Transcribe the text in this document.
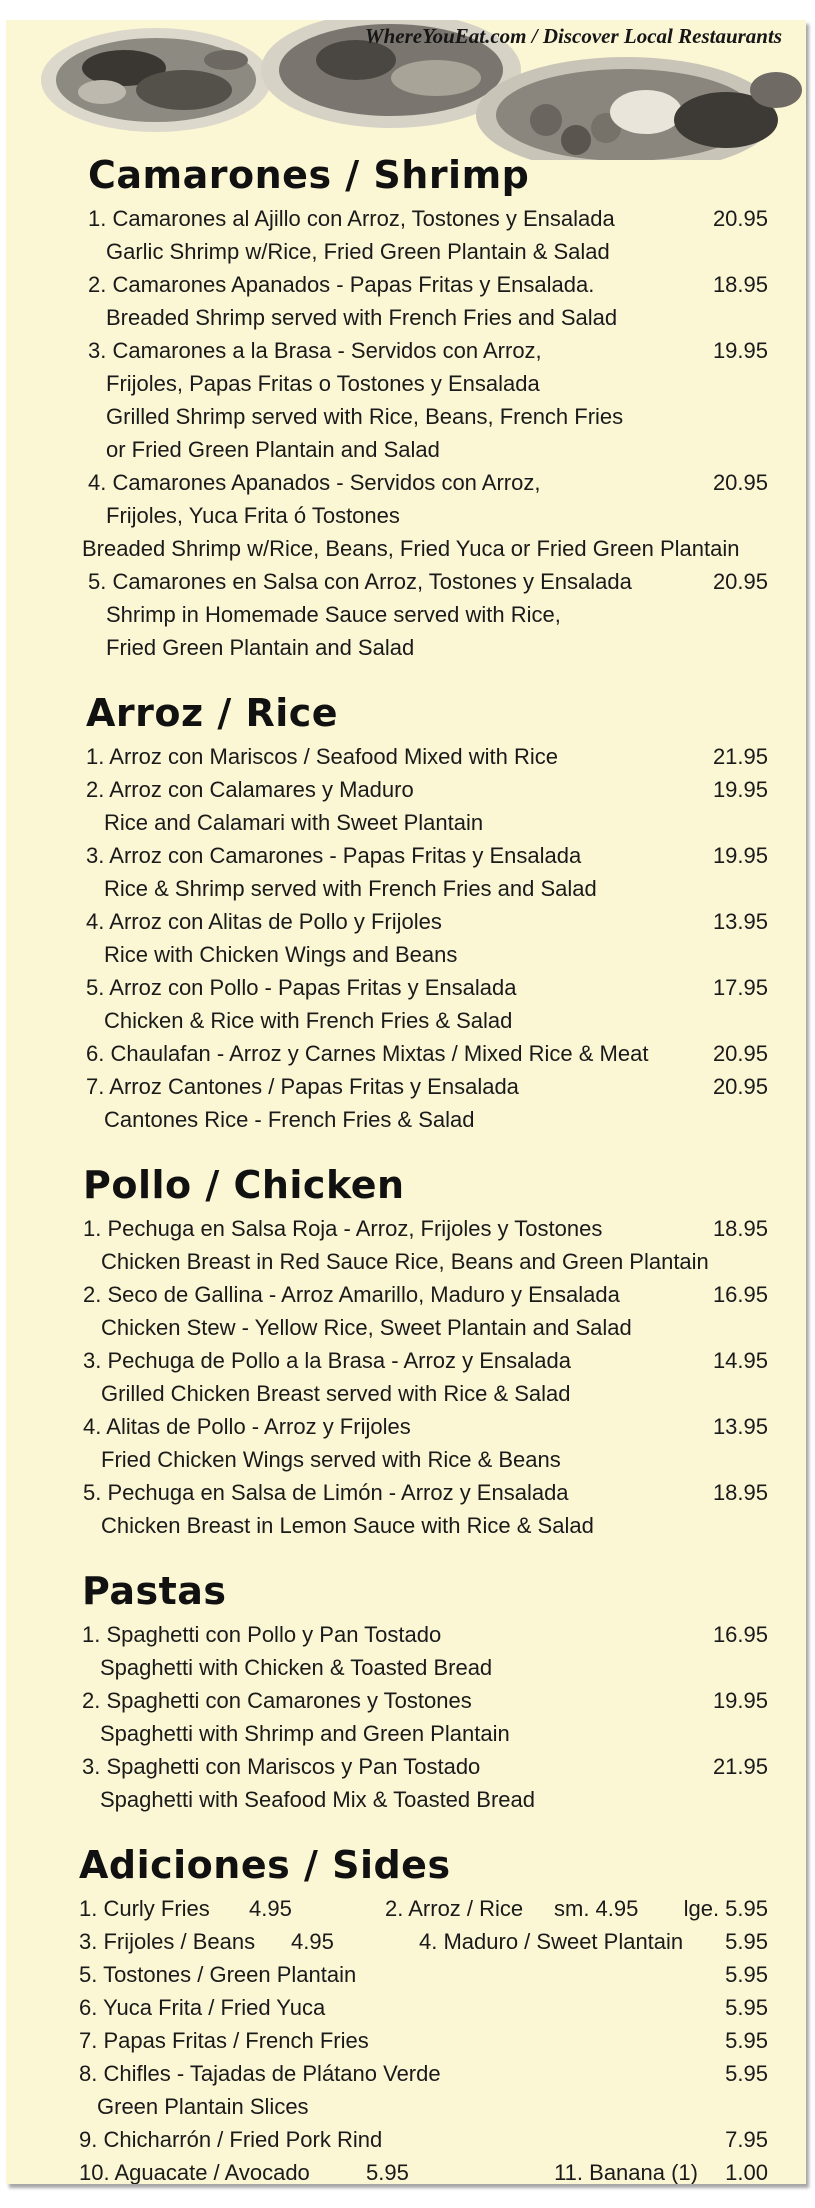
WhereYouEat.com / Discover Local Restaurants
Camarones / Shrimp
1. Camarones al Ajillo con Arroz, Tostones y Ensalada
Garlic Shrimp w/Rice, Fried Green Plantain & Salad
20.95
2. Camarones Apanados - Papas Fritas y Ensalada.
Breaded Shrimp served with French Fries and Salad
18.95
3. Camarones a la Brasa - Servidos con Arroz,
Frijoles, Papas Fritas o Tostones y Ensalada
Grilled Shrimp served with Rice, Beans, French Fries
or Fried Green Plantain and Salad
19.95
4. Camarones Apanados - Servidos con Arroz,
Frijoles, Yuca Frita ó Tostones
Breaded Shrimp w/Rice, Beans, Fried Yuca or Fried Green Plantain
20.95
5. Camarones en Salsa con Arroz, Tostones y Ensalada
Shrimp in Homemade Sauce served with Rice,
Fried Green Plantain and Salad
20.95
Arroz / Rice
1. Arroz con Mariscos / Seafood Mixed with Rice	21.95
2. Arroz con Calamares y Maduro
Rice and Calamari with Sweet Plantain
19.95
3. Arroz con Camarones - Papas Fritas y Ensalada
Rice & Shrimp served with French Fries and Salad
19.95
4. Arroz con Alitas de Pollo y Frijoles
Rice with Chicken Wings and Beans
13.95
5. Arroz con Pollo - Papas Fritas y Ensalada
Chicken & Rice with French Fries & Salad
17.95
6. Chaulafan - Arroz y Carnes Mixtas / Mixed Rice & Meat	20.95
7. Arroz Cantones / Papas Fritas y Ensalada
Cantones Rice - French Fries & Salad
20.95
Pollo / Chicken
1. Pechuga en Salsa Roja - Arroz, Frijoles y Tostones
Chicken Breast in Red Sauce Rice, Beans and Green Plantain
18.95
2. Seco de Gallina - Arroz Amarillo, Maduro y Ensalada
Chicken Stew - Yellow Rice, Sweet Plantain and Salad
16.95
3. Pechuga de Pollo a la Brasa - Arroz y Ensalada
Grilled Chicken Breast served with Rice & Salad
14.95
4. Alitas de Pollo - Arroz y Frijoles
Fried Chicken Wings served with Rice & Beans
13.95
5. Pechuga en Salsa de Limón - Arroz y Ensalada
Chicken Breast in Lemon Sauce with Rice & Salad
18.95
Pastas
1. Spaghetti con Pollo y Pan Tostado
Spaghetti with Chicken & Toasted Bread
16.95
2. Spaghetti con Camarones y Tostones
Spaghetti with Shrimp and Green Plantain
19.95
3. Spaghetti con Mariscos y Pan Tostado
Spaghetti with Seafood Mix & Toasted Bread
21.95
Adiciones / Sides
1. Curly Fries 4.95	2. Arroz / Rice sm. 4.95 lge. 5.95

3. Frijoles / Beans 4.95	4. Maduro / Sweet Plantain 5.95

5. Tostones / Green Plantain	5.95

6. Yuca Frita / Fried Yuca	5.95

7. Papas Fritas / French Fries	5.95

8. Chifles - Tajadas de Plátano Verde	5.95

Green Plantain Slices

9. Chicharrón / Fried Pork Rind	7.95

10. Aguacate / Avocado	5.95	11. Banana (1) 1.00
